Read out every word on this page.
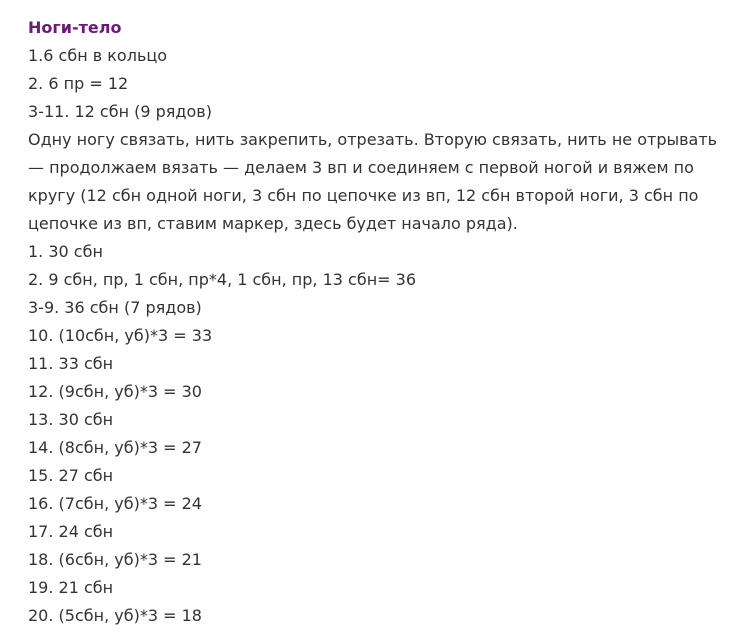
Ноги-тело
1.6 сбн в кольцо
2. 6 пр = 12
3-11. 12 сбн (9 рядов)
Одну ногу связать, нить закрепить, отрезать. Вторую связать, нить не отрывать
— продолжаем вязать — делаем 3 вп и соединяем с первой ногой и вяжем по
кругу (12 сбн одной ноги, 3 сбн по цепочке из вп, 12 сбн второй ноги, 3 сбн по
цепочке из вп, ставим маркер, здесь будет начало ряда).
1. 30 сбн
2. 9 сбн, пр, 1 сбн, пр*4, 1 сбн, пр, 13 сбн= 36
3-9. 36 сбн (7 рядов)
10. (10сбн, уб)*3 = 33
11. 33 сбн
12. (9сбн, уб)*3 = 30
13. 30 сбн
14. (8сбн, уб)*3 = 27
15. 27 сбн
16. (7сбн, уб)*3 = 24
17. 24 сбн
18. (6сбн, уб)*3 = 21
19. 21 сбн
20. (5сбн, уб)*3 = 18
